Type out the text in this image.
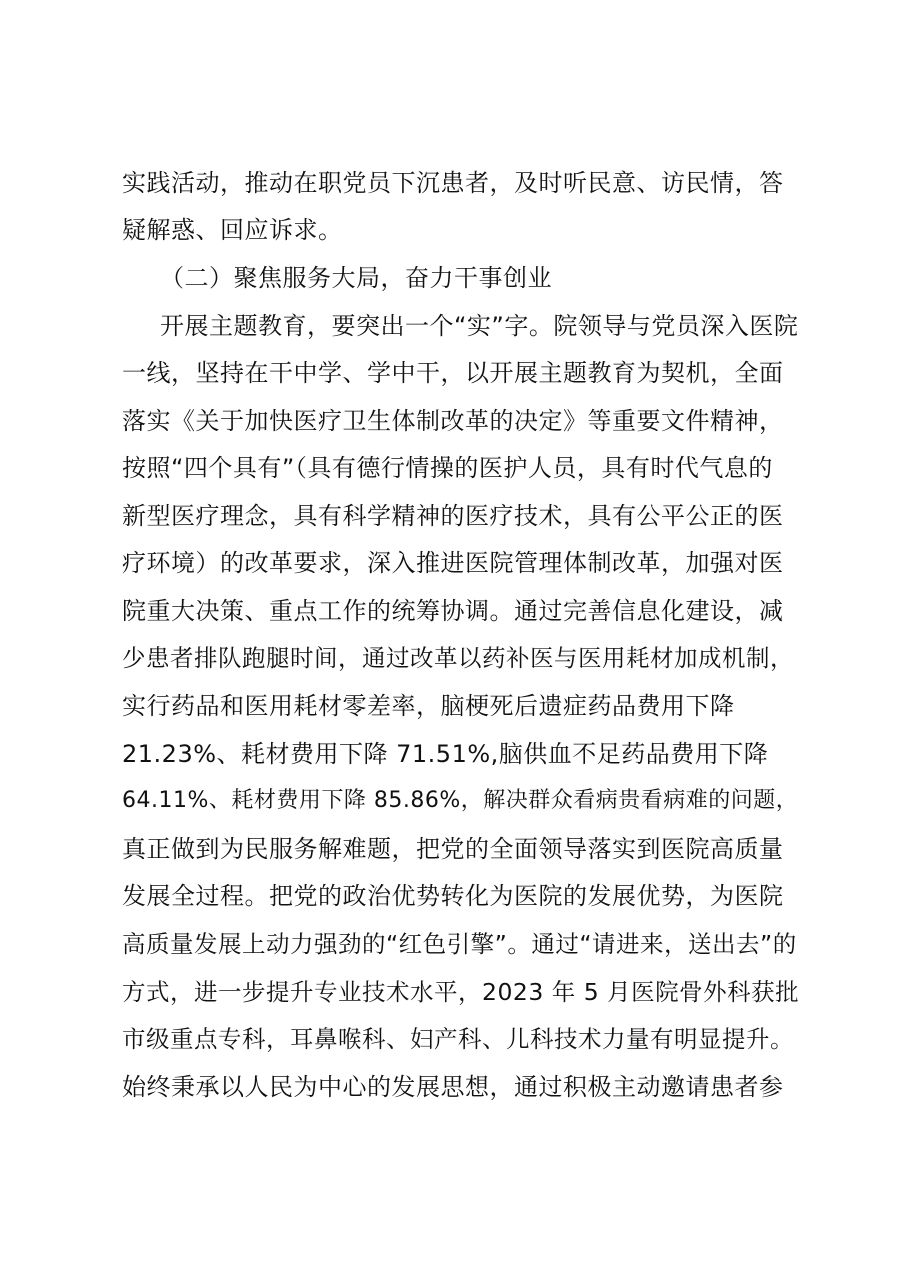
实践活动，推动在职党员下沉患者，及时听民意、访民情，答
疑解惑、回应诉求。
（二）聚焦服务大局，奋力干事创业
开展主题教育，要突出一个“实”字。院领导与党员深入医院
一线，坚持在干中学、学中干，以开展主题教育为契机，全面
落实《关于加快医疗卫生体制改革的决定》等重要文件精神，
按照“四个具有”（具有德行情操的医护人员，具有时代气息的
新型医疗理念，具有科学精神的医疗技术，具有公平公正的医
疗环境）的改革要求，深入推进医院管理体制改革，加强对医
院重大决策、重点工作的统筹协调。通过完善信息化建设，减
少患者排队跑腿时间，通过改革以药补医与医用耗材加成机制，
实行药品和医用耗材零差率，脑梗死后遗症药品费用下降
21.23%、耗材费用下降 71.51%,脑供血不足药品费用下降
64.11%、耗材费用下降 85.86%，解决群众看病贵看病难的问题，
真正做到为民服务解难题，把党的全面领导落实到医院高质量
发展全过程。把党的政治优势转化为医院的发展优势，为医院
高质量发展上动力强劲的“红色引擎”。通过“请进来，送出去”的
方式，进一步提升专业技术水平，2023 年 5 月医院骨外科获批
市级重点专科，耳鼻喉科、妇产科、儿科技术力量有明显提升。
始终秉承以人民为中心的发展思想，通过积极主动邀请患者参
